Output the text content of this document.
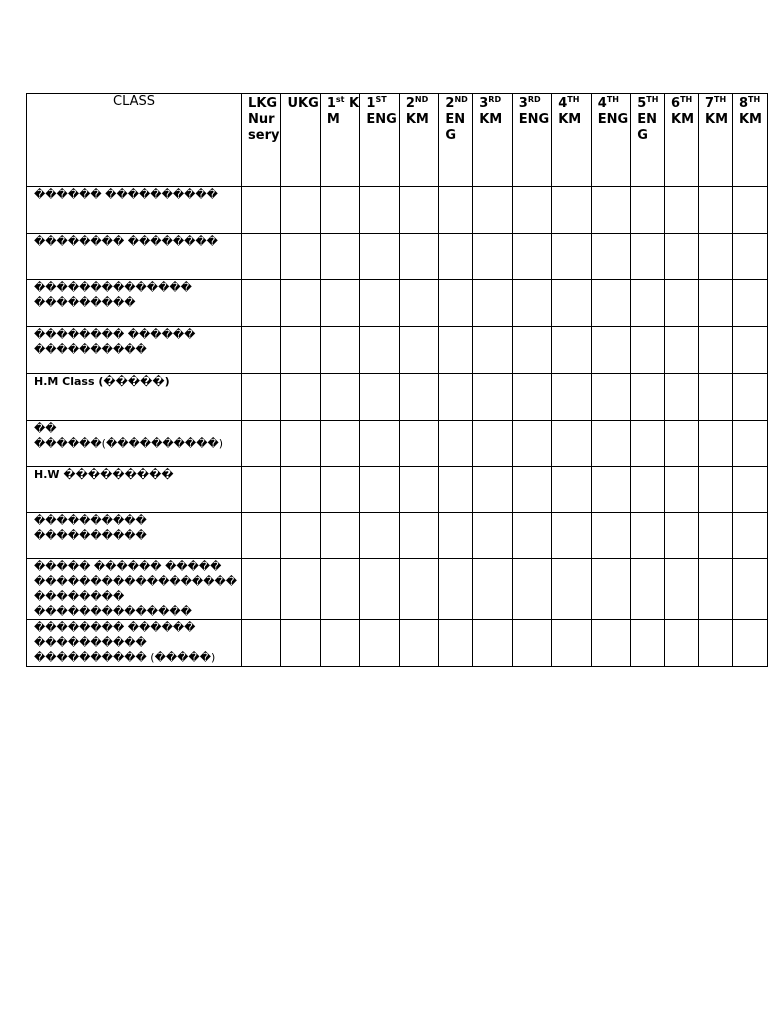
CLASS	LKG Nursery	UKG	1st KM	1ST ENG	2ND KM	2ND ENG	3RD KM	3RD ENG	4TH KM	4TH ENG	5TH ENG	6TH KM	7TH KM	8TH KM
������ ����������														
�������� ��������														
�������������� ���������														
�������� ������ ����������														
H.M Class (�����)														
�� ������(����������)														
H.W ���������														
���������� ����������														
����� ������ ����� ������������������ �������� ��������������														
�������� ������ ���������� ���������� (�����)														
